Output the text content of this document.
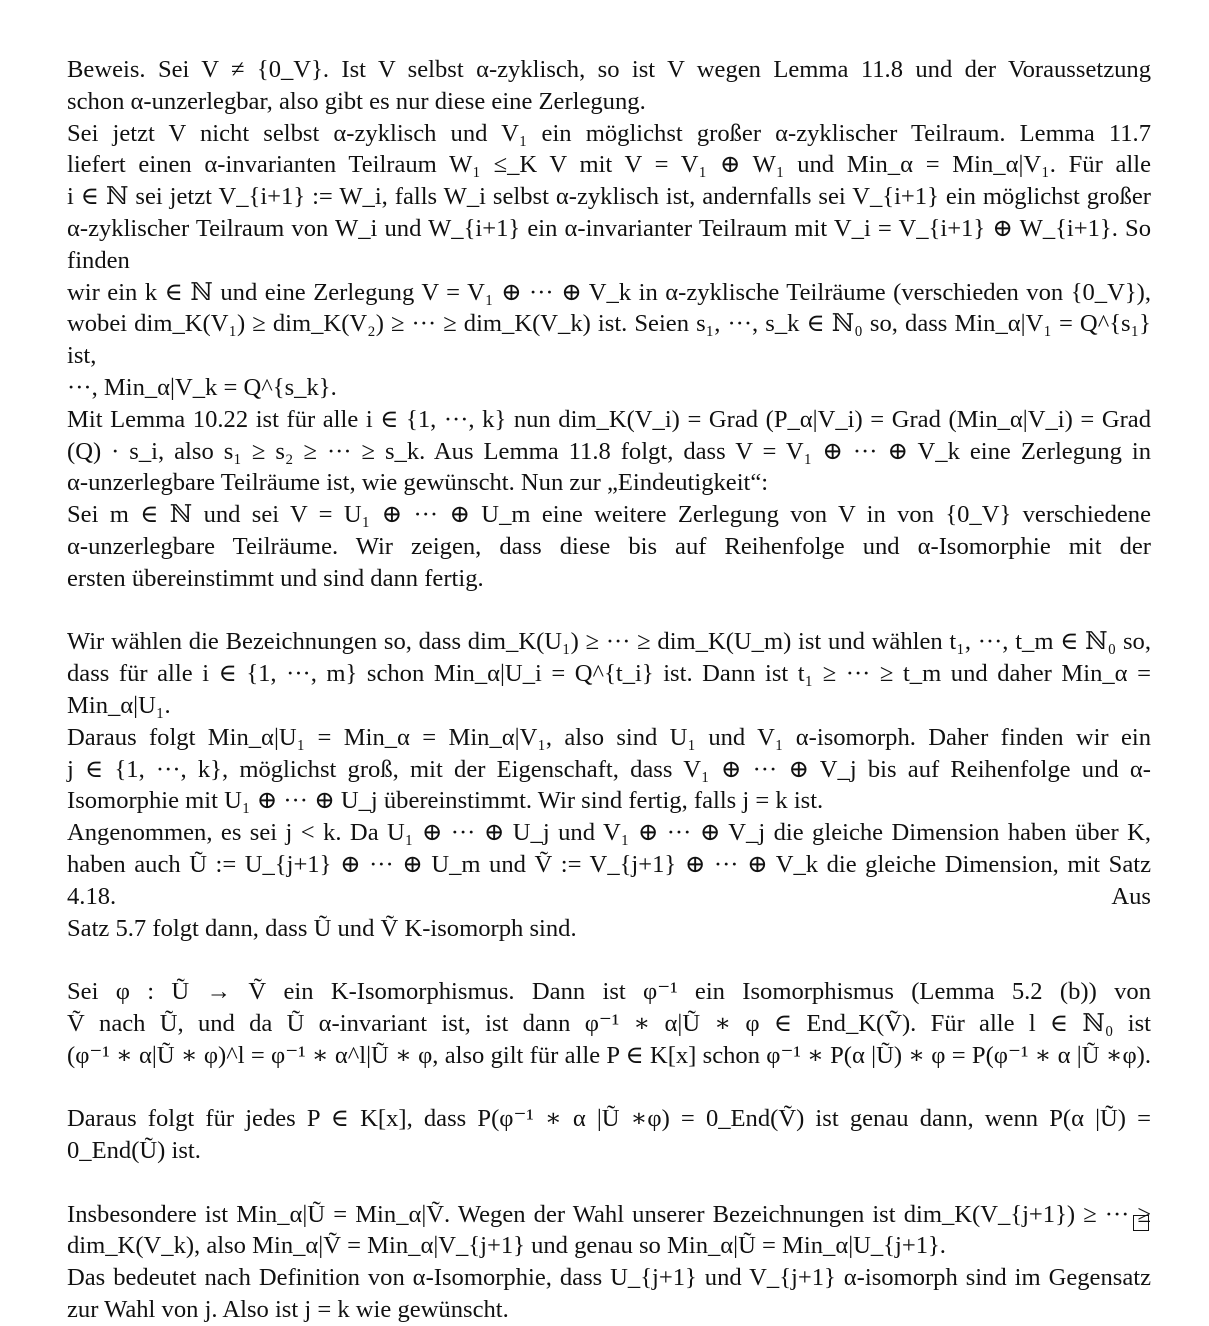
Beweis. Sei V ≠ {0_V}. Ist V selbst α-zyklisch, so ist V wegen Lemma 11.8 und der Voraussetzung
schon α-unzerlegbar, also gibt es nur diese eine Zerlegung.
Sei jetzt V nicht selbst α-zyklisch und V₁ ein möglichst großer α-zyklischer Teilraum. Lemma 11.7
liefert einen α-invarianten Teilraum W₁ ≤_K V mit V = V₁ ⊕ W₁ und Min_α = Min_α|V₁. Für alle
i ∈ ℕ sei jetzt V_{i+1} := W_i, falls W_i selbst α-zyklisch ist, andernfalls sei V_{i+1} ein möglichst großer
α-zyklischer Teilraum von W_i und W_{i+1} ein α-invarianter Teilraum mit V_i = V_{i+1} ⊕ W_{i+1}. So finden
wir ein k ∈ ℕ und eine Zerlegung V = V₁ ⊕ ··· ⊕ V_k in α-zyklische Teilräume (verschieden von {0_V}),
wobei dim_K(V₁) ≥ dim_K(V₂) ≥ ··· ≥ dim_K(V_k) ist. Seien s₁, ···, s_k ∈ ℕ₀ so, dass Min_α|V₁ = Q^{s₁} ist,
···, Min_α|V_k = Q^{s_k}.
Mit Lemma 10.22 ist für alle i ∈ {1, ···, k} nun dim_K(V_i) = Grad (P_α|V_i) = Grad (Min_α|V_i) = Grad
(Q) · s_i, also s₁ ≥ s₂ ≥ ··· ≥ s_k. Aus Lemma 11.8 folgt, dass V = V₁ ⊕ ··· ⊕ V_k eine Zerlegung in
α-unzerlegbare Teilräume ist, wie gewünscht. Nun zur „Eindeutigkeit“:
Sei m ∈ ℕ und sei V = U₁ ⊕ ··· ⊕ U_m eine weitere Zerlegung von V in von {0_V} verschiedene
α-unzerlegbare Teilräume. Wir zeigen, dass diese bis auf Reihenfolge und α-Isomorphie mit der
ersten übereinstimmt und sind dann fertig.
Wir wählen die Bezeichnungen so, dass dim_K(U₁) ≥ ··· ≥ dim_K(U_m) ist und wählen t₁, ···, t_m ∈ ℕ₀ so,
dass für alle i ∈ {1, ···, m} schon Min_α|U_i = Q^{t_i} ist. Dann ist t₁ ≥ ··· ≥ t_m und daher Min_α = Min_α|U₁.
Daraus folgt Min_α|U₁ = Min_α = Min_α|V₁, also sind U₁ und V₁ α-isomorph. Daher finden wir ein
j ∈ {1, ···, k}, möglichst groß, mit der Eigenschaft, dass V₁ ⊕ ··· ⊕ V_j bis auf Reihenfolge und α-
Isomorphie mit U₁ ⊕ ··· ⊕ U_j übereinstimmt. Wir sind fertig, falls j = k ist.
Angenommen, es sei j < k. Da U₁ ⊕ ··· ⊕ U_j und V₁ ⊕ ··· ⊕ V_j die gleiche Dimension haben über K,
haben auch Ũ := U_{j+1} ⊕ ··· ⊕ U_m und Ṽ := V_{j+1} ⊕ ··· ⊕ V_k die gleiche Dimension, mit Satz 4.18. Aus
Satz 5.7 folgt dann, dass Ũ und Ṽ K-isomorph sind.
Sei φ : Ũ → Ṽ ein K-Isomorphismus. Dann ist φ⁻¹ ein Isomorphismus (Lemma 5.2 (b)) von
Ṽ nach Ũ, und da Ũ α-invariant ist, ist dann φ⁻¹ ∗ α|Ũ ∗ φ ∈ End_K(Ṽ). Für alle l ∈ ℕ₀ ist
(φ⁻¹ ∗ α|Ũ ∗ φ)^l = φ⁻¹ ∗ α^l|Ũ ∗ φ, also gilt für alle P ∈ K[x] schon φ⁻¹ ∗ P(α |Ũ) ∗ φ = P(φ⁻¹ ∗ α |Ũ ∗φ).
Daraus folgt für jedes P ∈ K[x], dass P(φ⁻¹ ∗ α |Ũ ∗φ) = 0_End(Ṽ) ist genau dann, wenn P(α |Ũ) =
0_End(Ũ) ist.
Insbesondere ist Min_α|Ũ = Min_α|Ṽ. Wegen der Wahl unserer Bezeichnungen ist dim_K(V_{j+1}) ≥ ··· ≥
dim_K(V_k), also Min_α|Ṽ = Min_α|V_{j+1} und genau so Min_α|Ũ = Min_α|U_{j+1}.
Das bedeutet nach Definition von α-Isomorphie, dass U_{j+1} und V_{j+1} α-isomorph sind im Gegensatz
zur Wahl von j. Also ist j = k wie gewünscht.
